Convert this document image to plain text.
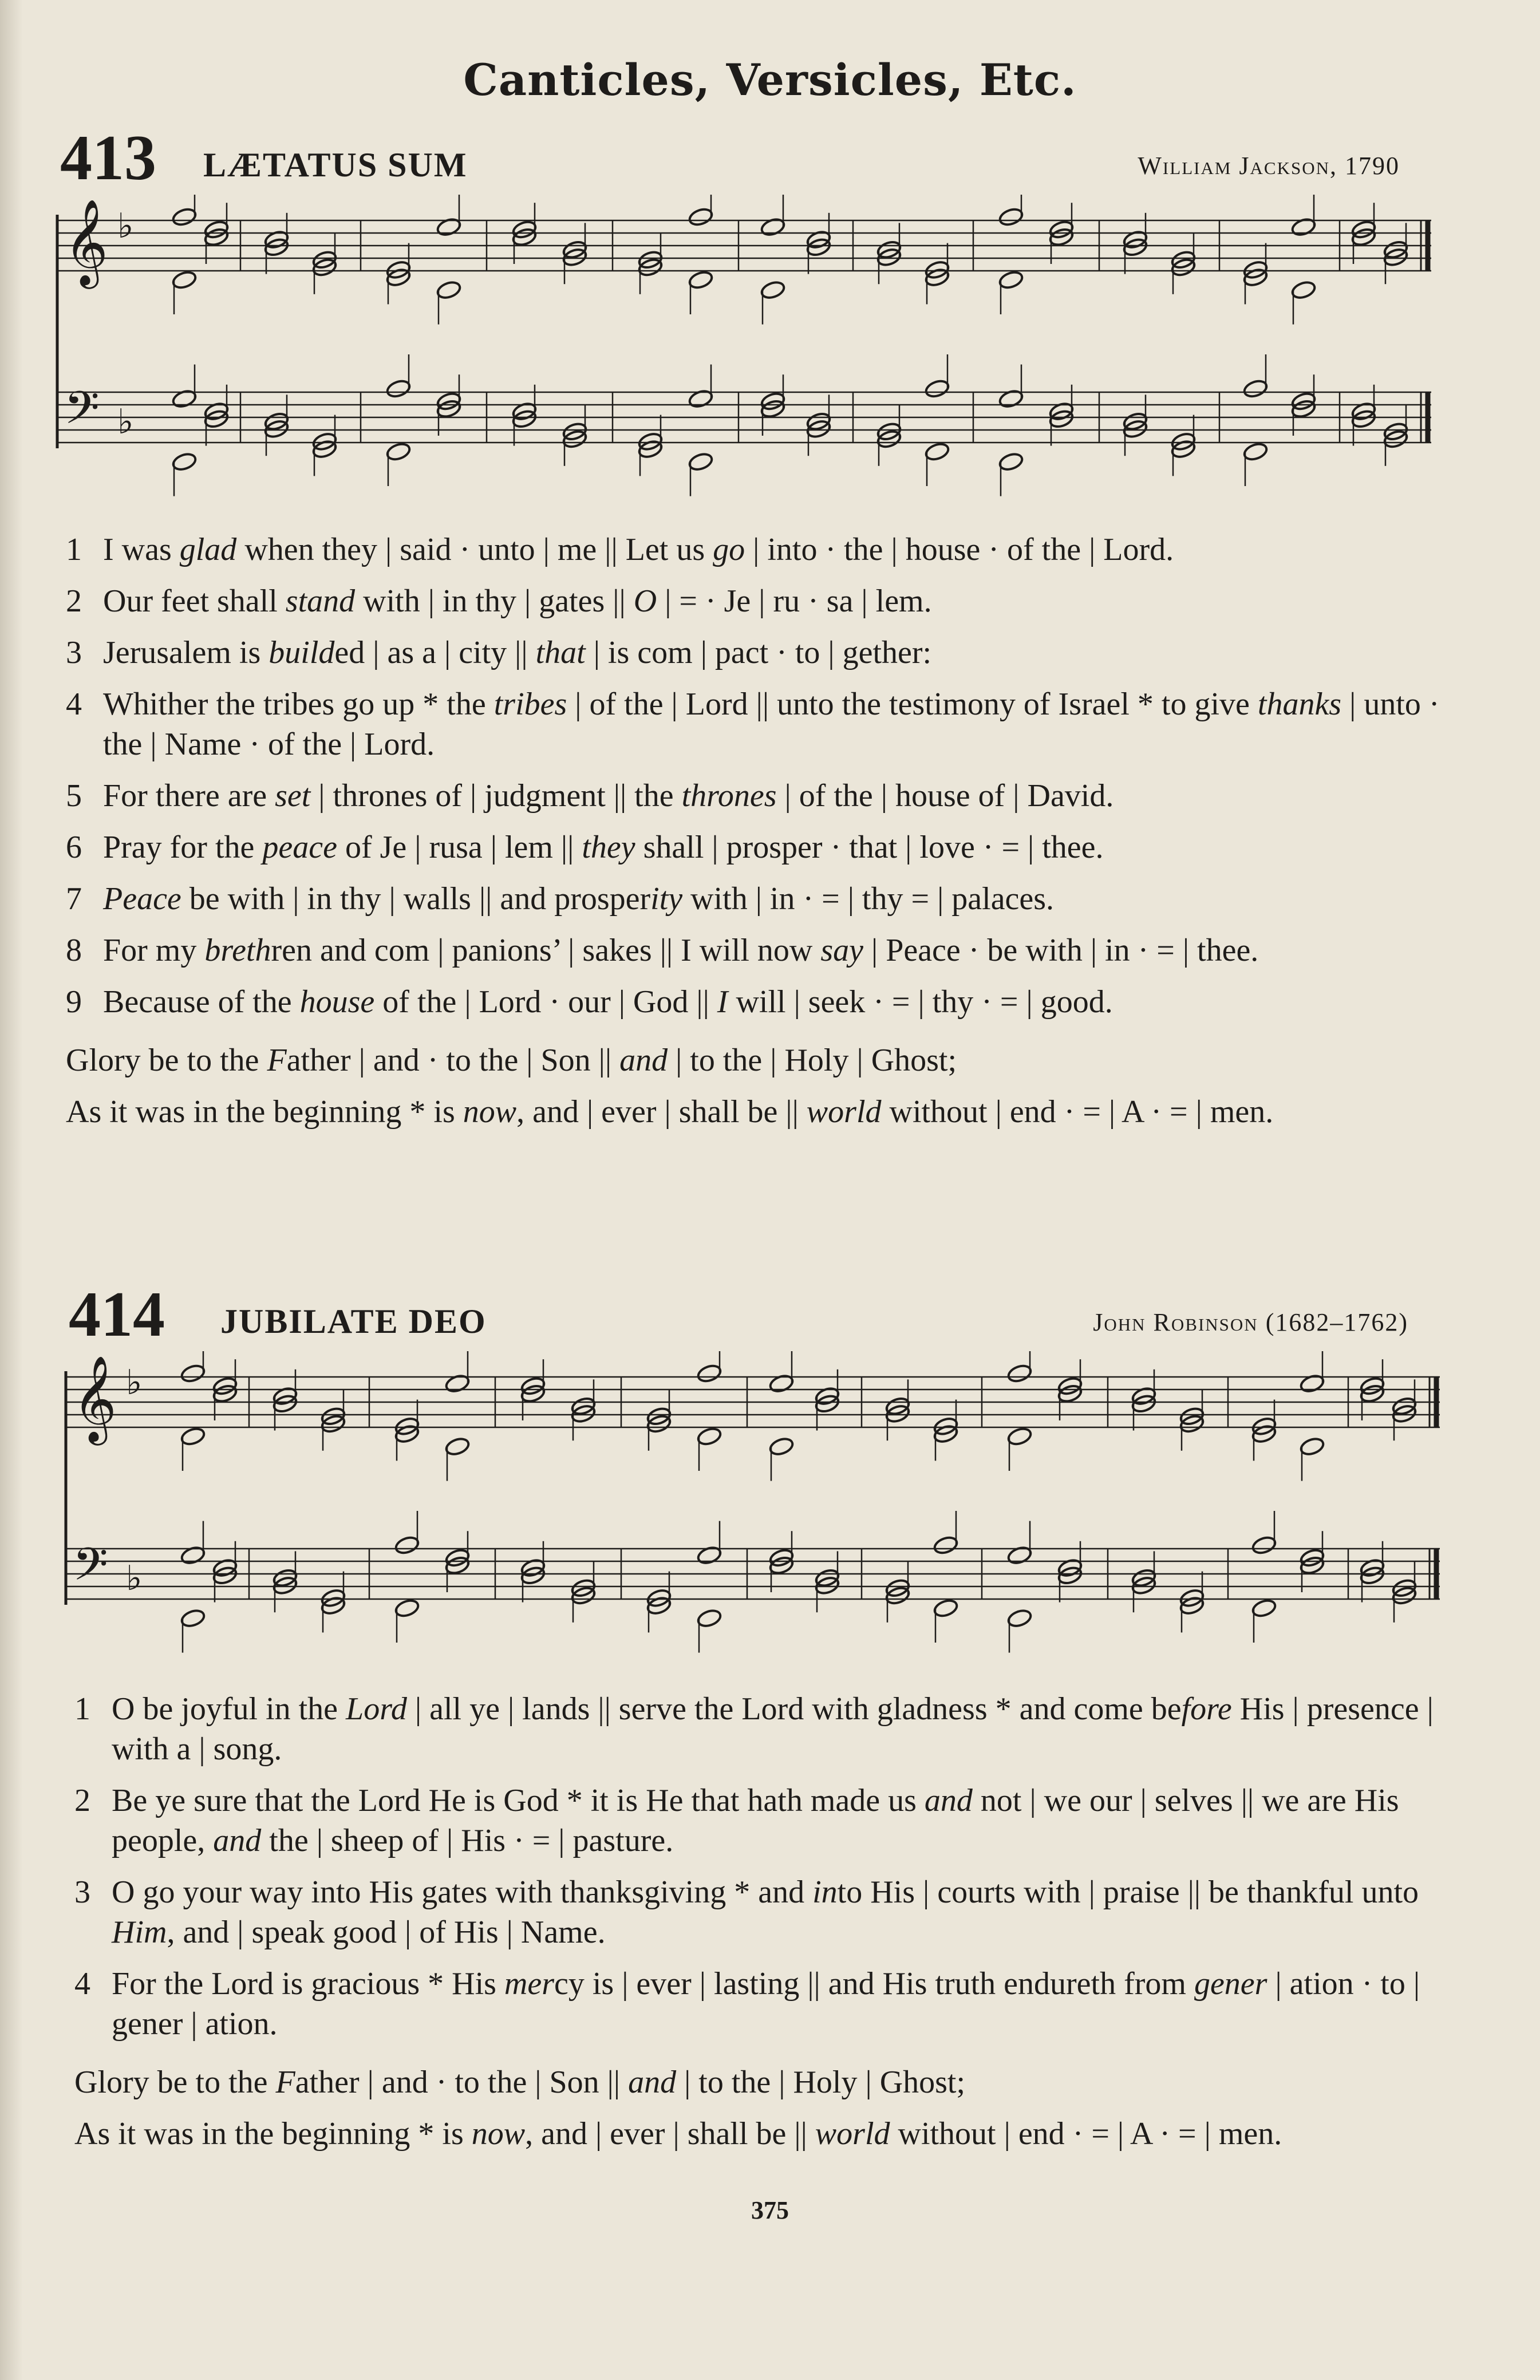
Canticles, Versicles, Etc.
413 LÆTATUS SUM	William Jackson, 1790
𝄞 ♭
𝄢 ♭
1 I was glad when they | said · unto | me || Let us go | into · the | house · of the | Lord.
2 Our feet shall stand with | in thy | gates || O | = · Je | ru · sa | lem.
3 Jerusalem is builded | as a | city || that | is com | pact · to | gether:
4 Whither the tribes go up * the tribes | of the | Lord || unto the testimony of Israel * to give thanks | unto · the | Name · of the | Lord.
5 For there are set | thrones of | judgment || the thrones | of the | house of | David.
6 Pray for the peace of Je | rusa | lem || they shall | prosper · that | love · = | thee.
7 Peace be with | in thy | walls || and prosperity with | in · = | thy = | palaces.
8 For my brethren and com | panions’ | sakes || I will now say | Peace · be with | in · = | thee.
9 Because of the house of the | Lord · our | God || I will | seek · = | thy · = | good.
Glory be to the Father | and · to the | Son || and | to the | Holy | Ghost;
As it was in the beginning * is now, and | ever | shall be || world without | end · = | A · = | men.
414 JUBILATE DEO	John Robinson (1682–1762)
𝄞 ♭
𝄢 ♭
1 O be joyful in the Lord | all ye | lands || serve the Lord with gladness * and come before His | presence | with a | song.
2 Be ye sure that the Lord He is God * it is He that hath made us and not | we our | selves || we are His people, and the | sheep of | His · = | pasture.
3 O go your way into His gates with thanksgiving * and into His | courts with | praise || be thankful unto Him, and | speak good | of His | Name.
4 For the Lord is gracious * His mercy is | ever | lasting || and His truth endureth from gener | ation · to | gener | ation.
Glory be to the Father | and · to the | Son || and | to the | Holy | Ghost;
As it was in the beginning * is now, and | ever | shall be || world without | end · = | A · = | men.
375
